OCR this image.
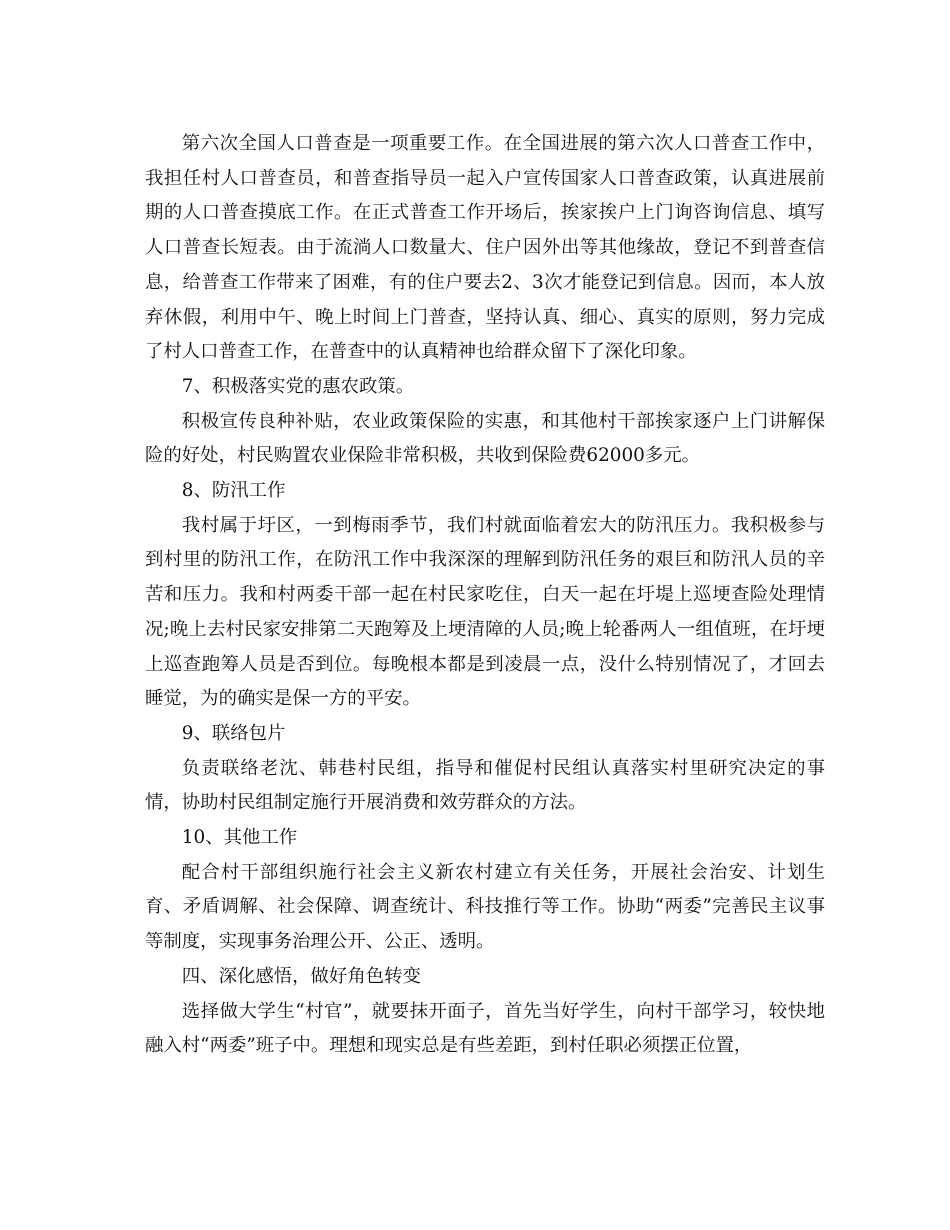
第六次全国人口普查是一项重要工作。在全国进展的第六次人口普查工作中，我担任村人口普查员，和普查指导员一起入户宣传国家人口普查政策，认真进展前期的人口普查摸底工作。在正式普查工作开场后，挨家挨户上门询咨询信息、填写人口普查长短表。由于流淌人口数量大、住户因外出等其他缘故，登记不到普查信息，给普查工作带来了困难，有的住户要去2、3次才能登记到信息。因而，本人放弃休假，利用中午、晚上时间上门普查，坚持认真、细心、真实的原则，努力完成了村人口普查工作，在普查中的认真精神也给群众留下了深化印象。

7、积极落实党的惠农政策。

积极宣传良种补贴，农业政策保险的实惠，和其他村干部挨家逐户上门讲解保险的好处，村民购置农业保险非常积极，共收到保险费62000多元。

8、防汛工作

我村属于圩区，一到梅雨季节，我们村就面临着宏大的防汛压力。我积极参与到村里的防汛工作，在防汛工作中我深深的理解到防汛任务的艰巨和防汛人员的辛苦和压力。我和村两委干部一起在村民家吃住，白天一起在圩堤上巡埂查险处理情况;晚上去村民家安排第二天跑筹及上埂清障的人员;晚上轮番两人一组值班，在圩埂上巡查跑筹人员是否到位。每晚根本都是到凌晨一点，没什么特别情况了，才回去睡觉，为的确实是保一方的平安。

9、联络包片

负责联络老沈、韩巷村民组，指导和催促村民组认真落实村里研究决定的事情，协助村民组制定施行开展消费和效劳群众的方法。

10、其他工作

配合村干部组织施行社会主义新农村建立有关任务，开展社会治安、计划生育、矛盾调解、社会保障、调查统计、科技推行等工作。协助“两委”完善民主议事等制度，实现事务治理公开、公正、透明。

四、深化感悟，做好角色转变

选择做大学生“村官”，就要抹开面子，首先当好学生，向村干部学习，较快地融入村“两委”班子中。理想和现实总是有些差距，到村任职必须摆正位置，
